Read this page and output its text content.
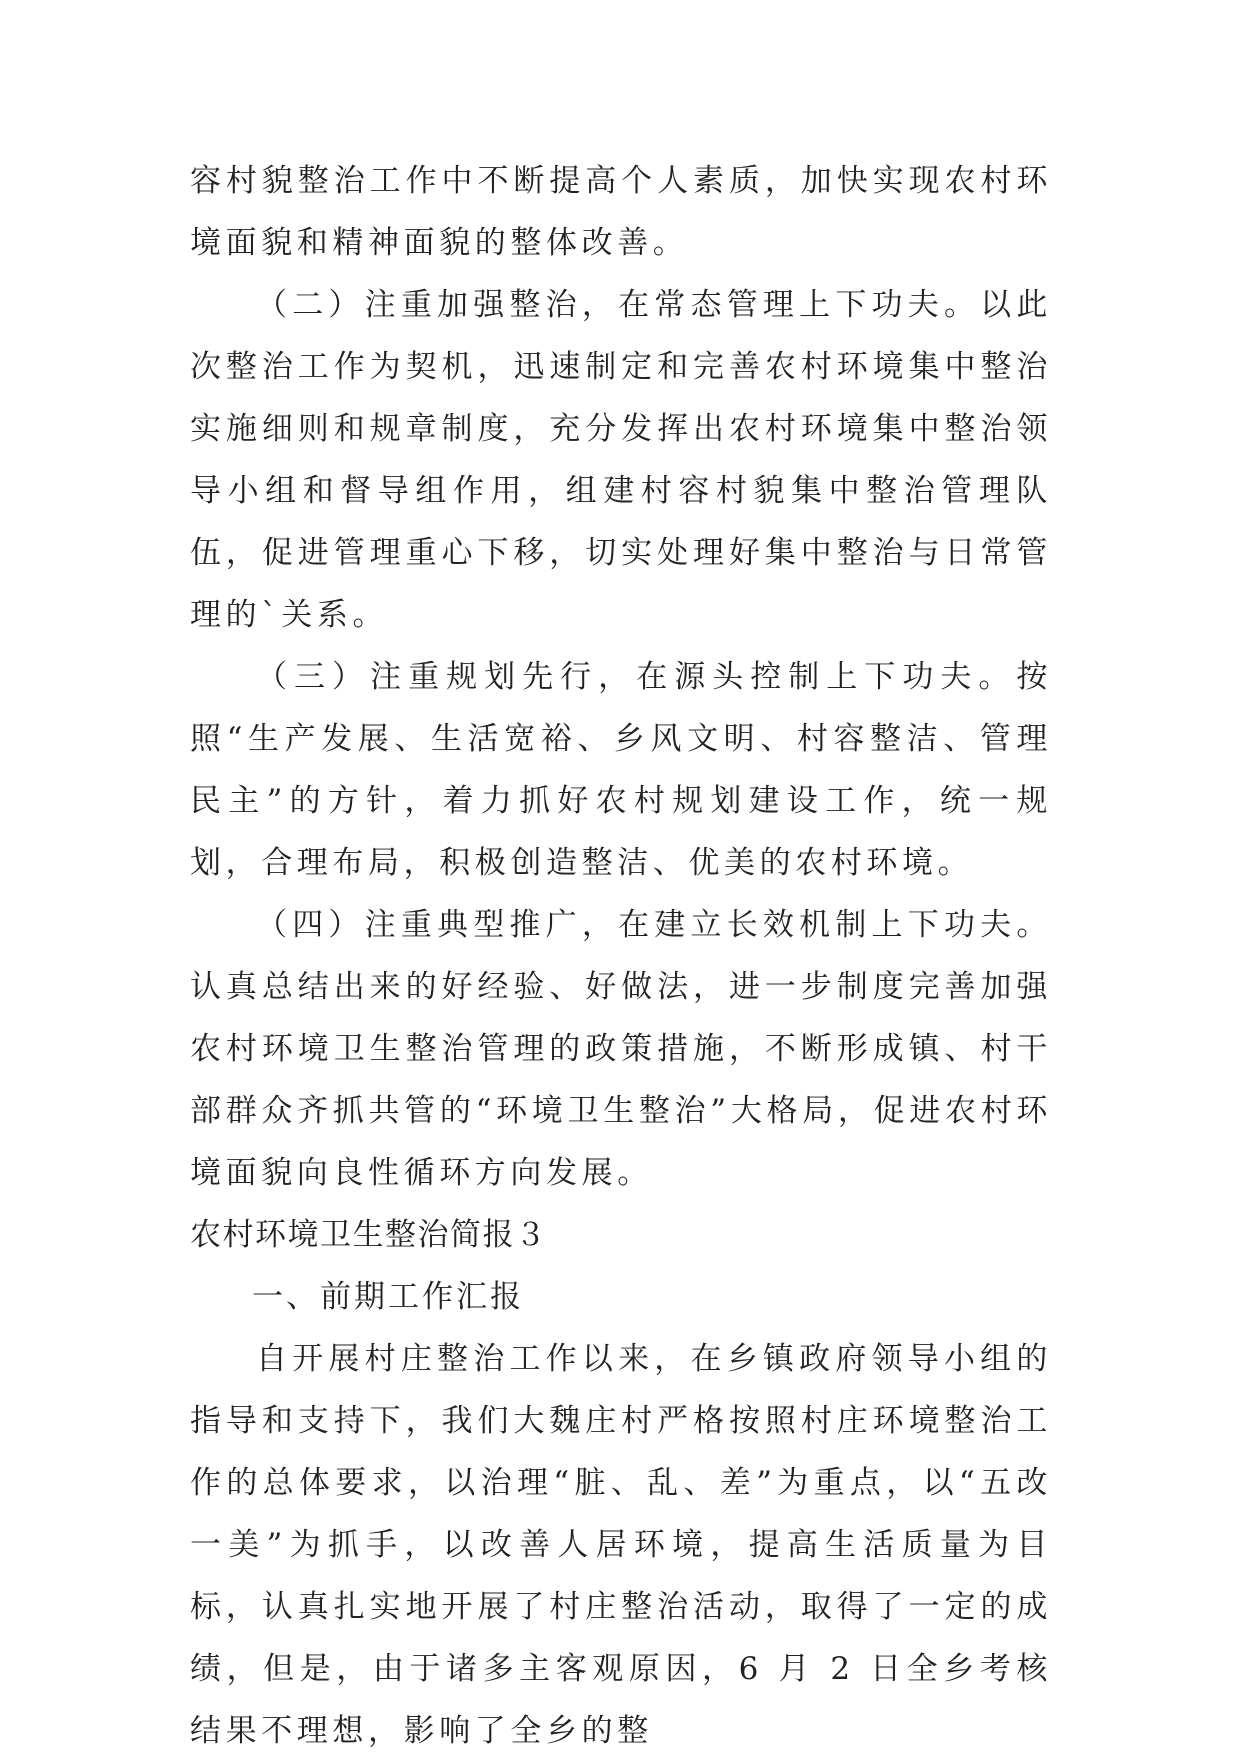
容村貌整治工作中不断提高个人素质，加快实现农村环境面貌和精神面貌的整体改善。

（二）注重加强整治，在常态管理上下功夫。以此次整治工作为契机，迅速制定和完善农村环境集中整治实施细则和规章制度，充分发挥出农村环境集中整治领导小组和督导组作用，组建村容村貌集中整治管理队伍，促进管理重心下移，切实处理好集中整治与日常管理的`关系。

（三）注重规划先行，在源头控制上下功夫。按照“生产发展、生活宽裕、乡风文明、村容整洁、管理民主”的方针，着力抓好农村规划建设工作，统一规划，合理布局，积极创造整洁、优美的农村环境。

（四）注重典型推广，在建立长效机制上下功夫。认真总结出来的好经验、好做法，进一步制度完善加强农村环境卫生整治管理的政策措施，不断形成镇、村干部群众齐抓共管的“环境卫生整治”大格局，促进农村环境面貌向良性循环方向发展。

农村环境卫生整治简报３

一、前期工作汇报

自开展村庄整治工作以来，在乡镇政府领导小组的指导和支持下，我们大魏庄村严格按照村庄环境整治工作的总体要求，以治理“脏、乱、差”为重点，以“五改一美”为抓手，以改善人居环境，提高生活质量为目标，认真扎实地开展了村庄整治活动，取得了一定的成绩，但是，由于诸多主客观原因，6 月 2 日全乡考核结果不理想，影响了全乡的整
